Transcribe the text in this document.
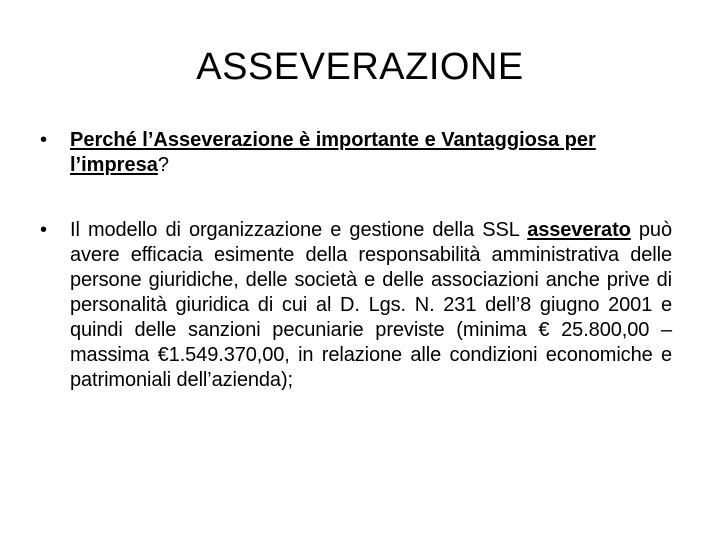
ASSEVERAZIONE
•	Perché l’Asseverazione è importante e Vantaggiosa per l’impresa?
•	Il modello di organizzazione e gestione della SSL asseverato può avere efficacia esimente della responsabilità amministrativa delle persone giuridiche, delle società e delle associazioni anche prive di personalità giuridica di cui al D. Lgs. N. 231 dell’8 giugno 2001 e quindi delle sanzioni pecuniarie previste (minima € 25.800,00 – massima €1.549.370,00, in relazione alle condizioni economiche e patrimoniali dell’azienda);
